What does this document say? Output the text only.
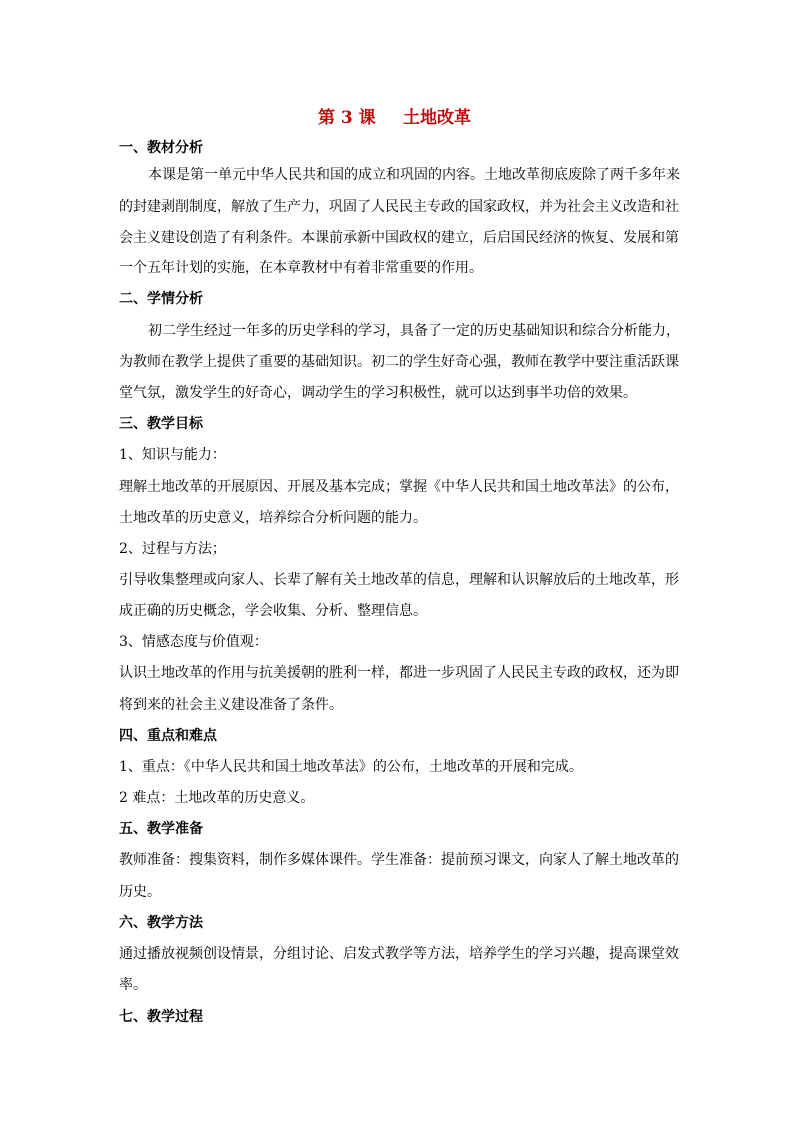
第 3 课 土地改革
一、教材分析
本课是第一单元中华人民共和国的成立和巩固的内容。土地改革彻底废除了两千多年来
的封建剥削制度，解放了生产力，巩固了人民民主专政的国家政权，并为社会主义改造和社
会主义建设创造了有利条件。本课前承新中国政权的建立，后启国民经济的恢复、发展和第
一个五年计划的实施，在本章教材中有着非常重要的作用。
二、学情分析
初二学生经过一年多的历史学科的学习，具备了一定的历史基础知识和综合分析能力，
为教师在教学上提供了重要的基础知识。初二的学生好奇心强，教师在教学中要注重活跃课
堂气氛，激发学生的好奇心，调动学生的学习积极性，就可以达到事半功倍的效果。
三、教学目标
1、知识与能力：
理解土地改革的开展原因、开展及基本完成；掌握《中华人民共和国土地改革法》的公布，
土地改革的历史意义，培养综合分析问题的能力。
2、过程与方法；
引导收集整理或向家人、长辈了解有关土地改革的信息，理解和认识解放后的土地改革，形
成正确的历史概念，学会收集、分析、整理信息。
3、情感态度与价值观：
认识土地改革的作用与抗美援朝的胜利一样，都进一步巩固了人民民主专政的政权，还为即
将到来的社会主义建设准备了条件。
四、重点和难点
1、重点：《中华人民共和国土地改革法》的公布，土地改革的开展和完成。
2 难点：土地改革的历史意义。
五、教学准备
教师准备：搜集资料，制作多媒体课件。学生准备：提前预习课文，向家人了解土地改革的
历史。
六、教学方法
通过播放视频创设情景，分组讨论、启发式教学等方法，培养学生的学习兴趣，提高课堂效
率。
七、教学过程
